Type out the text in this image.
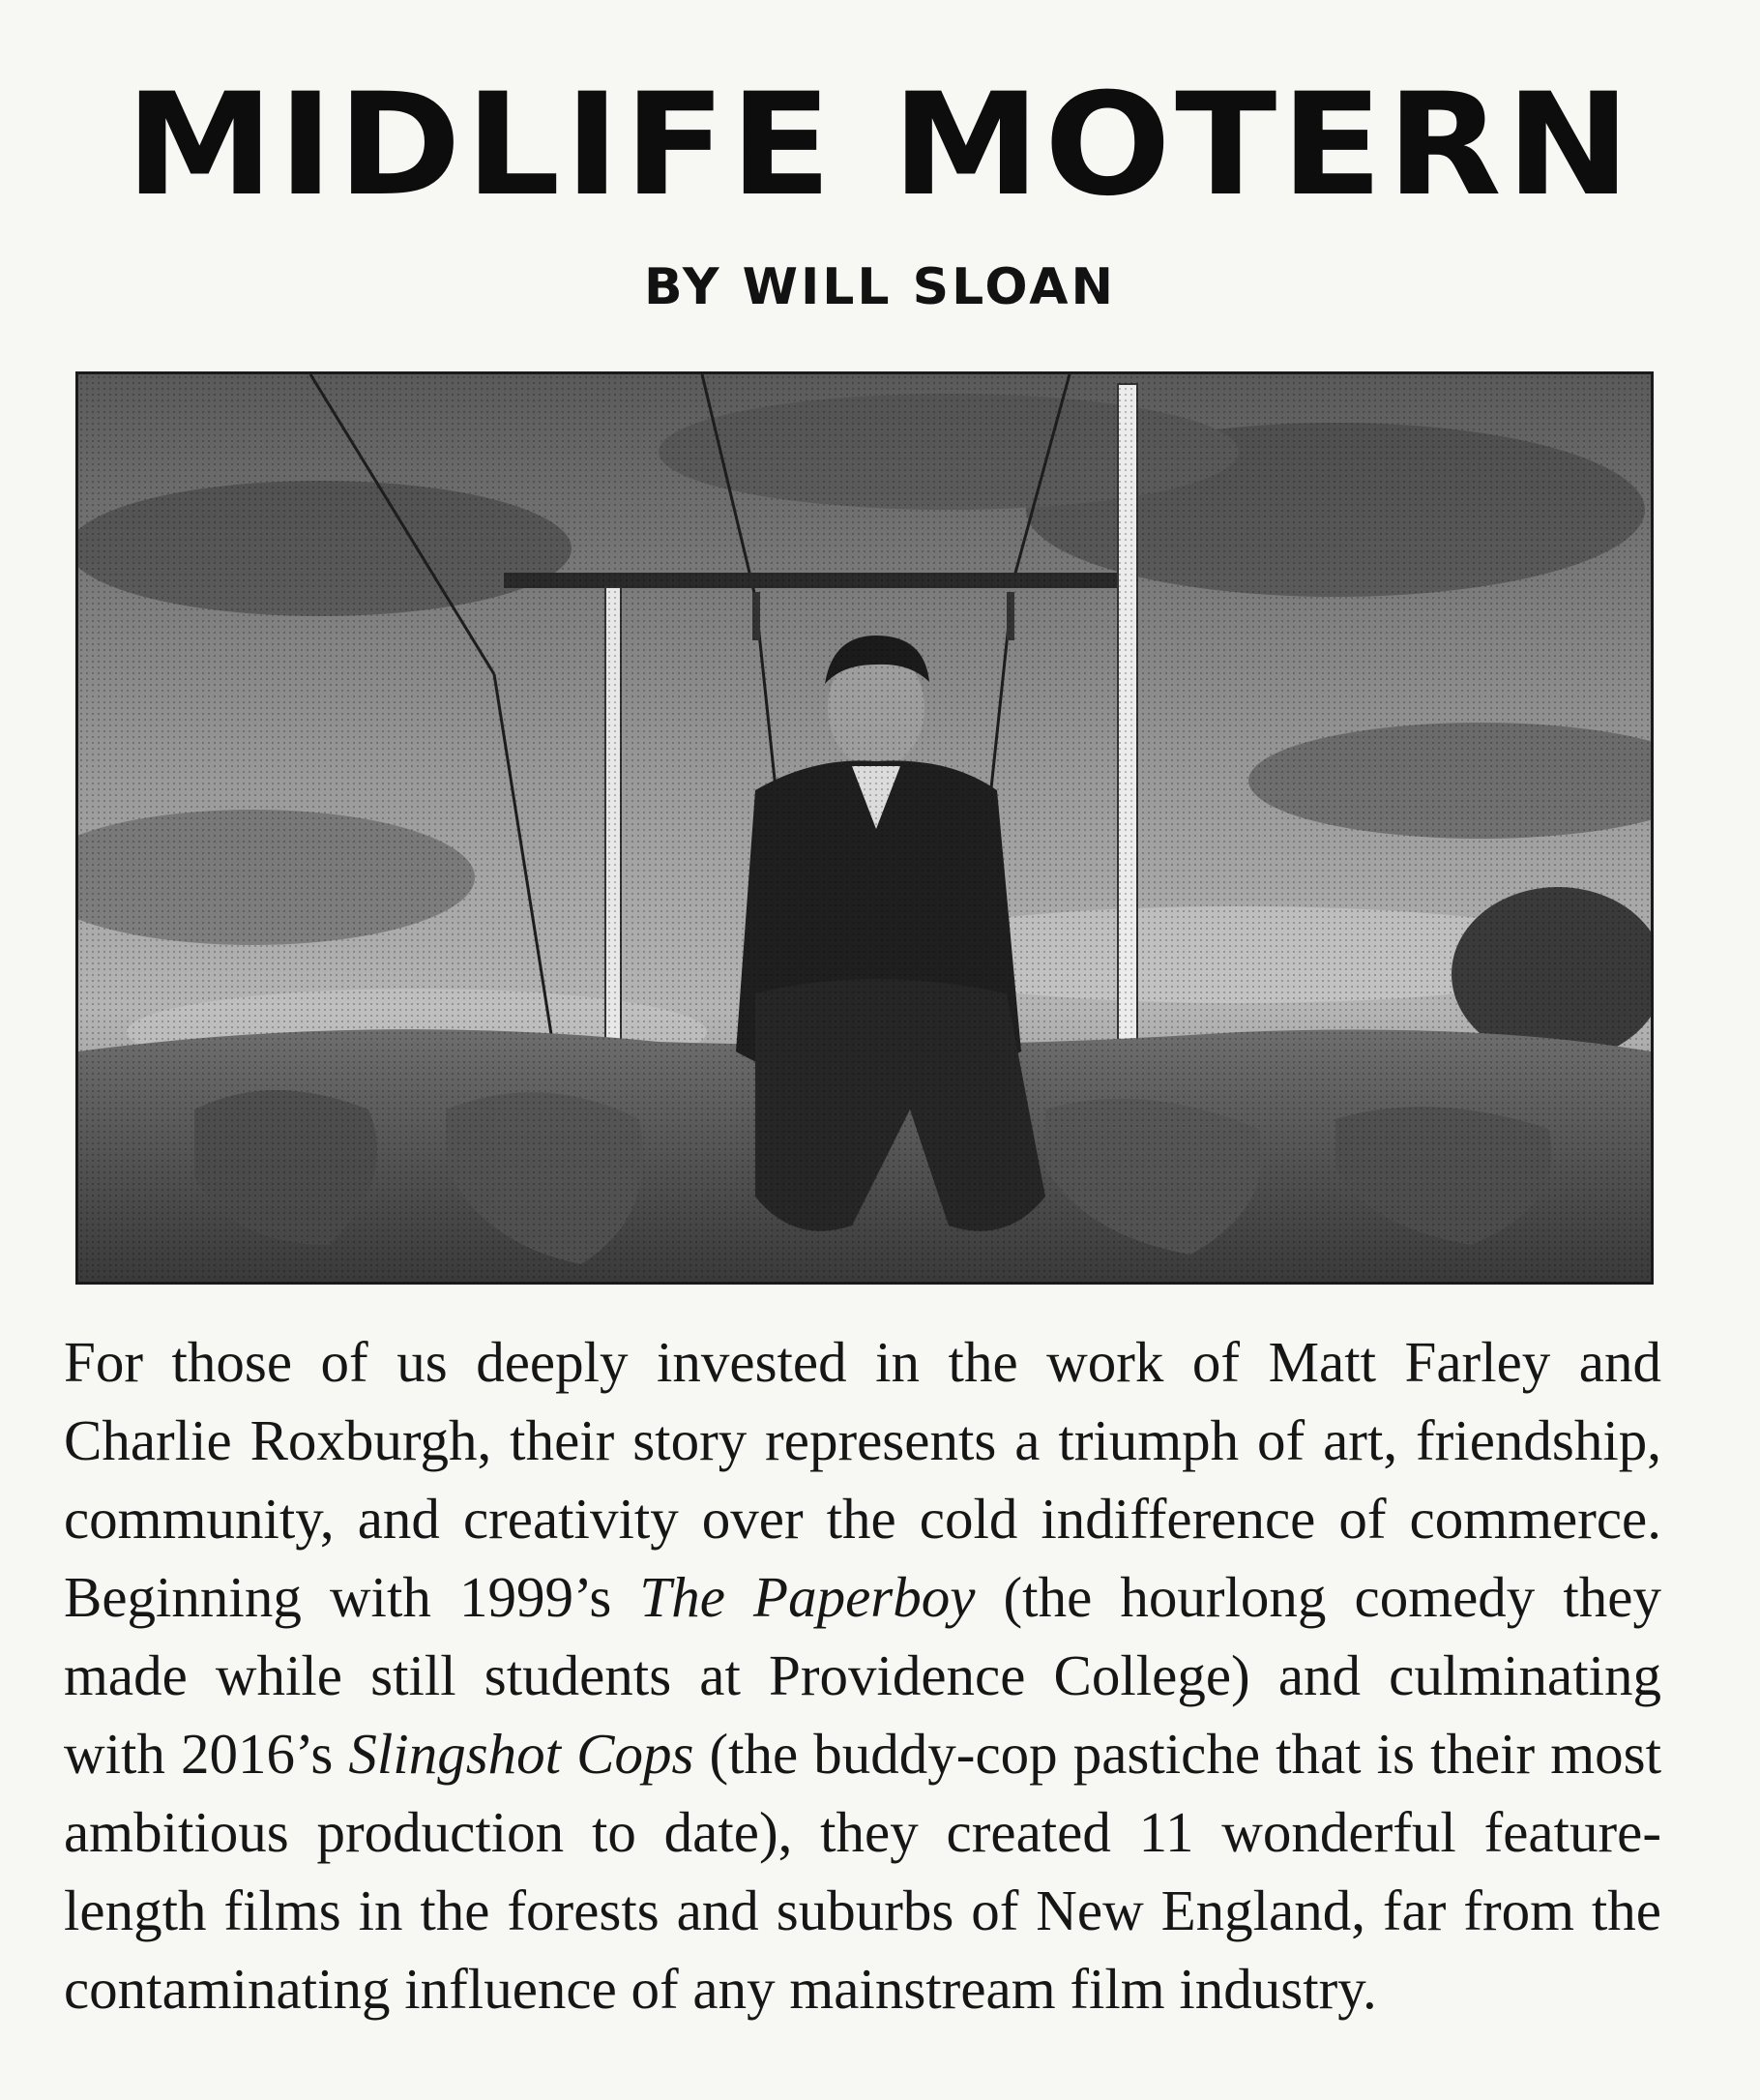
MIDLIFE MOTERN
BY WILL SLOAN
For those of us deeply invested in the work of Matt Farley and
Charlie Roxburgh, their story represents a triumph of art, friendship,
community, and creativity over the cold indifference of commerce.
Beginning with 1999’s The Paperboy (the hourlong comedy they
made while still students at Providence College) and culminating
with 2016’s Slingshot Cops (the buddy-cop pastiche that is their most
ambitious production to date), they created 11 wonderful feature-
length films in the forests and suburbs of New England, far from the
contaminating influence of any mainstream film industry.
